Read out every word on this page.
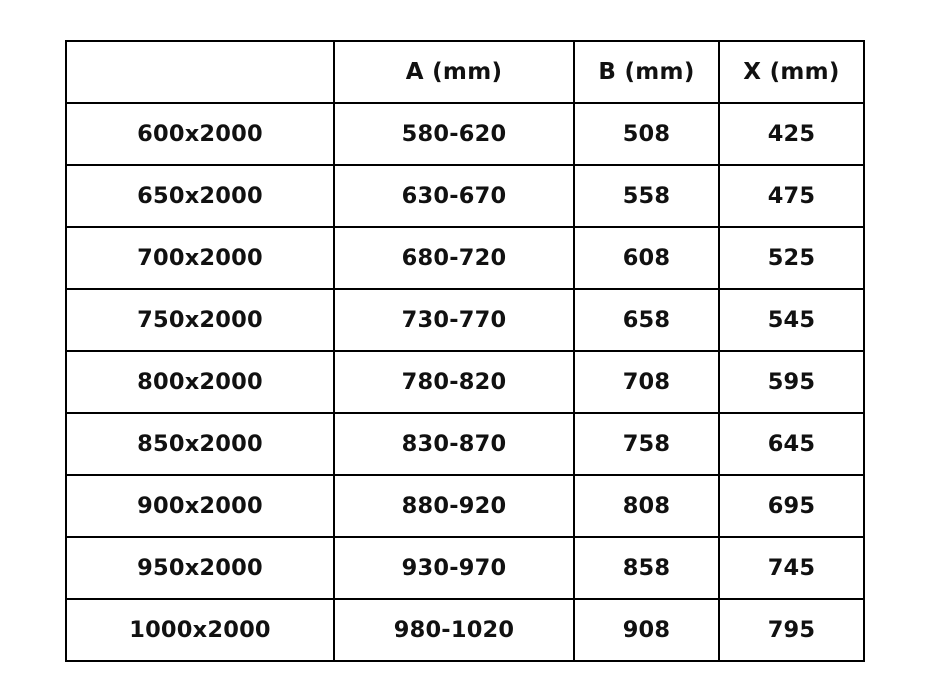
	A (mm)	B (mm)	X (mm)
600x2000	580-620	508	425
650x2000	630-670	558	475
700x2000	680-720	608	525
750x2000	730-770	658	545
800x2000	780-820	708	595
850x2000	830-870	758	645
900x2000	880-920	808	695
950x2000	930-970	858	745
1000x2000	980-1020	908	795
